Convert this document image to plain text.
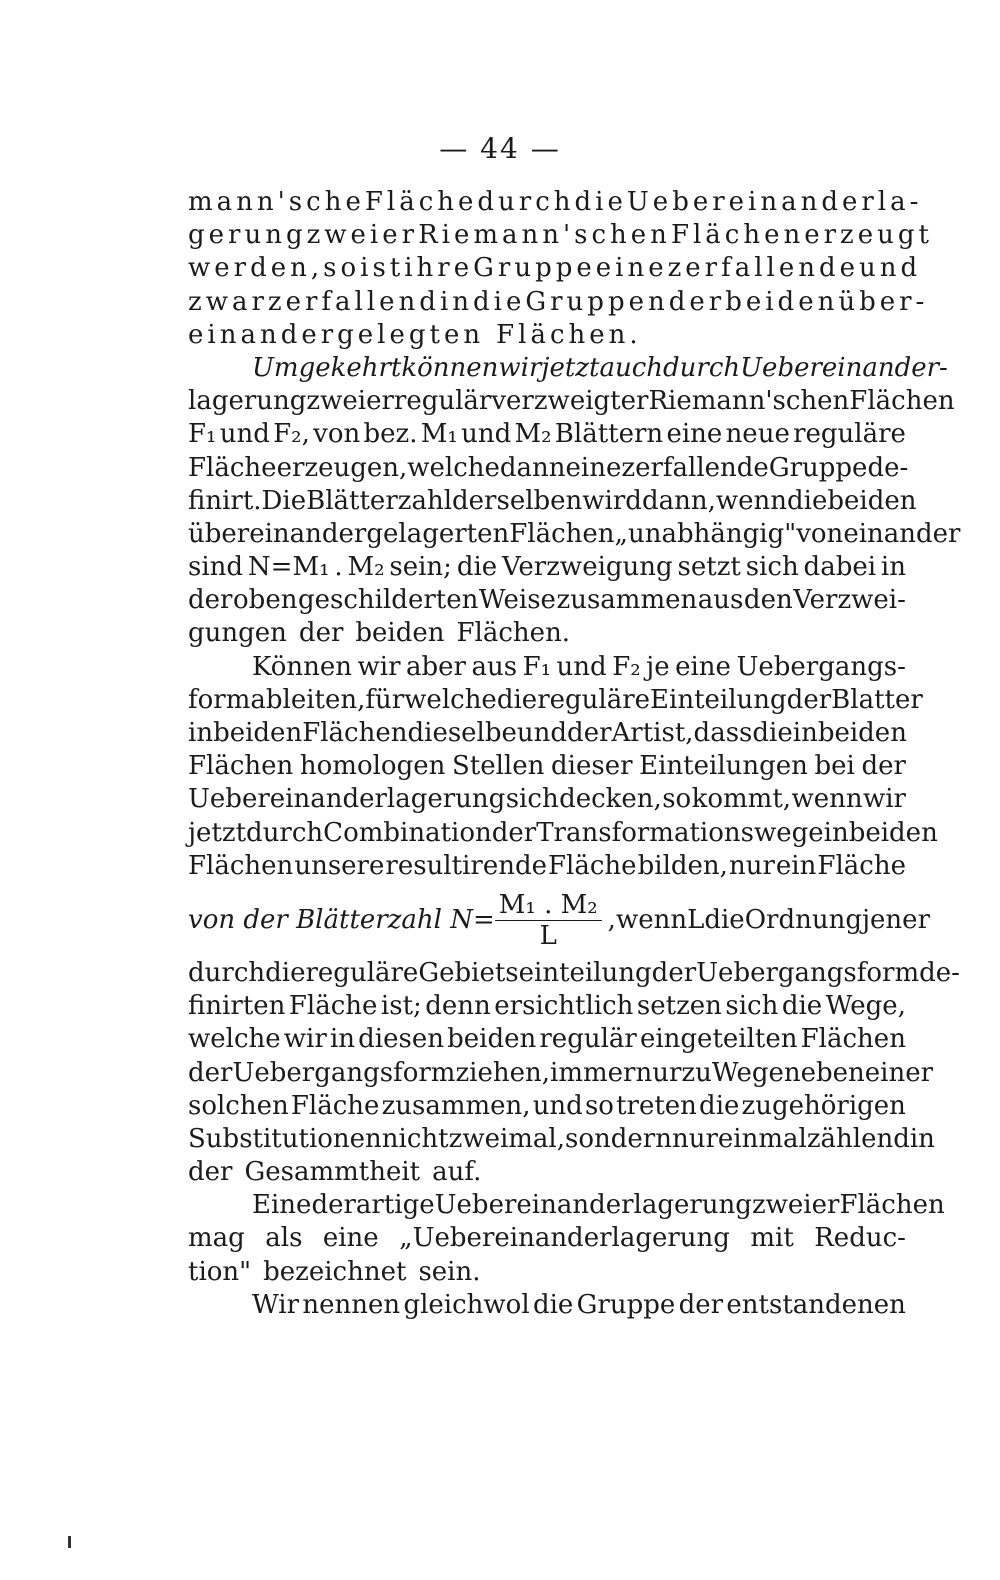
— 44 —
mann'sche Fläche durch die Uebereinanderla-
gerung zweier Riemann'schen Flächen erzeugt
werden, so ist ihre Gruppe eine zerfallende und
zwar zerfallend in die Gruppen der beiden über-
einandergelegten Flächen.
Umgekehrt können wir jetzt auch durch Uebereinander-
lagerung zweier regulär verzweigter Riemann'schen Flächen
F₁ und F₂, von bez. M₁ und M₂ Blättern eine neue reguläre
Fläche erzeugen, welche dann eine zerfallende Gruppe de-
finirt. Die Blätterzahl derselben wird dann, wenn die beiden
übereinandergelagerten Flächen „unabhängig" von einander
sind N=M₁ . M₂ sein; die Verzweigung setzt sich dabei in
der oben geschilderten Weise zusammen aus den Verzwei-
gungen der beiden Flächen.
Können wir aber aus F₁ und F₂ je eine Uebergangs-
form ableiten, für welche die reguläre Einteilung der Blatter
in beiden Flächen dieselbe und der Art ist, dass die in beiden
Flächen homologen Stellen dieser Einteilungen bei der
Uebereinanderlagerung sich decken, so kommt, wenn wir
jetzt durch Combination der Transformationswege in beiden
Flächen unsere resultirende Fläche bilden, nur ein Fläche
von der Blätterzahl $N= \frac{\text{M₁ . M₂}}{L}$ , wenn L die Ordnung jener
durch die reguläre Gebietseinteilung der Uebergangsform de-
finirten Fläche ist; denn ersichtlich setzen sich die Wege,
welche wir in diesen beiden regulär eingeteilten Flächen
der Uebergangsform ziehen, immer nur zu Wegen eben einer
solchen Fläche zusammen, und so treten die zugehörigen
Substitutionen nicht zweimal, sondern nur einmal zählend in
der Gesammtheit auf.
Eine derartige Uebereinanderlagerung zweier Flächen
mag als eine „Uebereinanderlagerung mit Reduc-
tion" bezeichnet sein.
Wir nennen gleichwol die Gruppe der entstandenen
